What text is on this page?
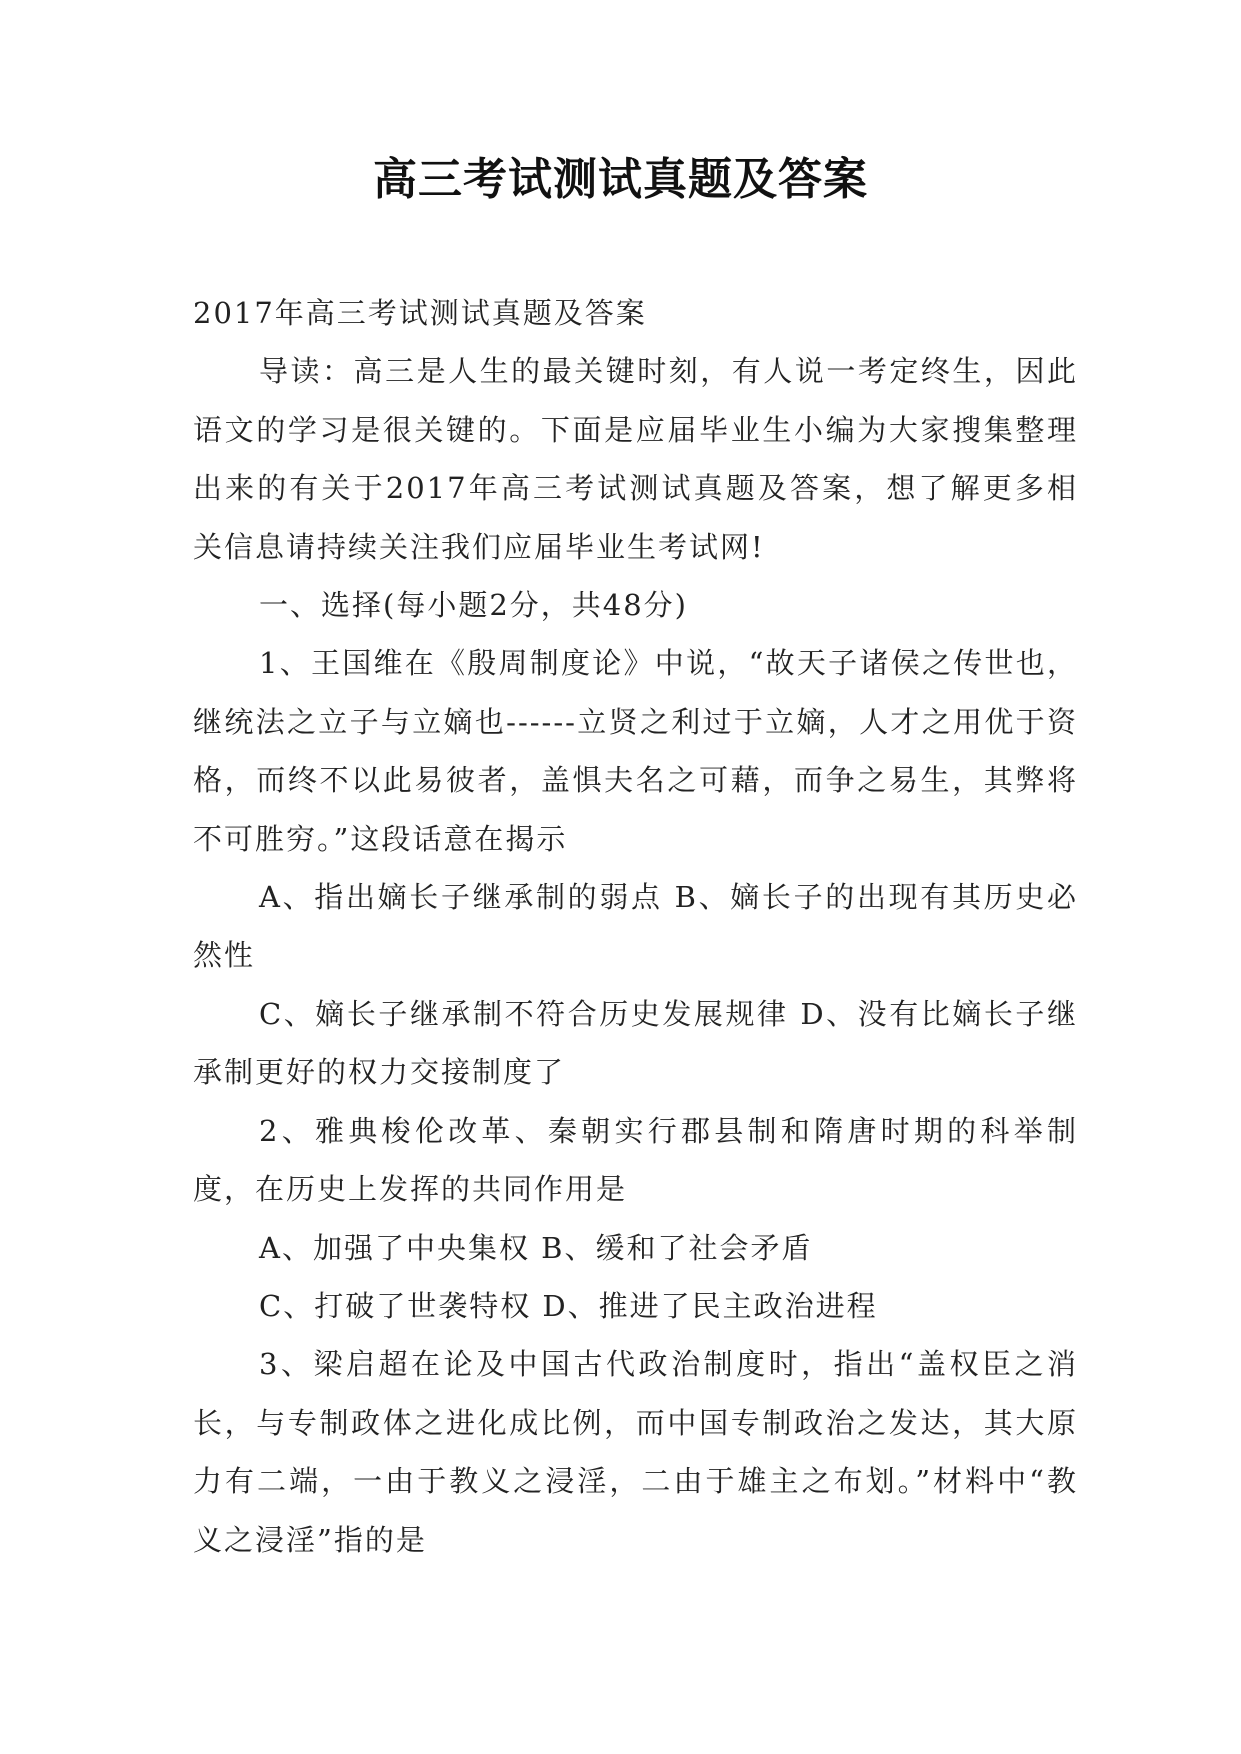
高三考试测试真题及答案

2017年高三考试测试真题及答案

导读：高三是人生的最关键时刻，有人说一考定终生，因此语文的学习是很关键的。下面是应届毕业生小编为大家搜集整理出来的有关于2017年高三考试测试真题及答案，想了解更多相关信息请持续关注我们应届毕业生考试网!

一、选择(每小题2分，共48分)

1、王国维在《殷周制度论》中说，“故天子诸侯之传世也，继统法之立子与立嫡也------立贤之利过于立嫡，人才之用优于资格，而终不以此易彼者，盖惧夫名之可藉，而争之易生，其弊将不可胜穷。”这段话意在揭示

A、指出嫡长子继承制的弱点 B、嫡长子的出现有其历史必然性

C、嫡长子继承制不符合历史发展规律 D、没有比嫡长子继承制更好的权力交接制度了

2、雅典梭伦改革、秦朝实行郡县制和隋唐时期的科举制度，在历史上发挥的共同作用是

A、加强了中央集权 B、缓和了社会矛盾

C、打破了世袭特权 D、推进了民主政治进程

3、梁启超在论及中国古代政治制度时，指出“盖权臣之消长，与专制政体之进化成比例，而中国专制政治之发达，其大原力有二端，一由于教义之浸淫，二由于雄主之布划。”材料中“教义之浸淫”指的是
